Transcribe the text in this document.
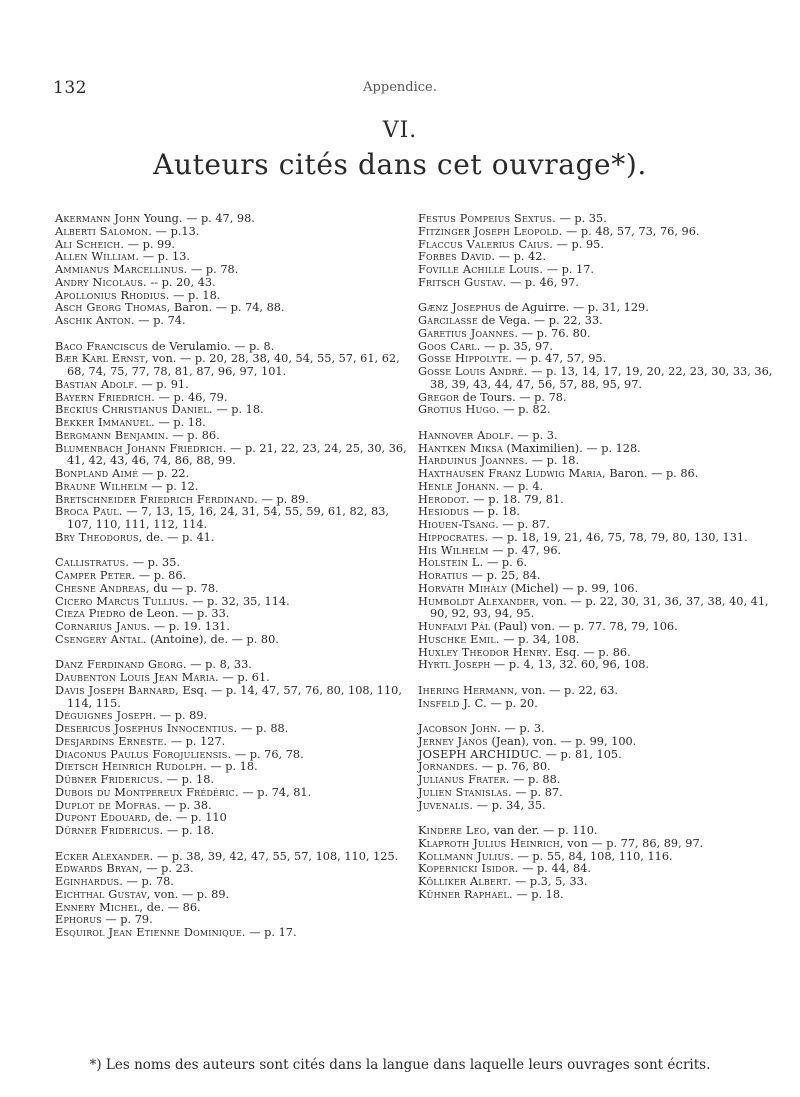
132	Appendice.
VI.
Auteurs cités dans cet ouvrage*).

Akermann John Young. — p. 47, 98.

Alberti Salomon. — p.13.

Ali Scheich. — p. 99.

Allen William. — p. 13.

Ammianus Marcellinus. — p. 78.

Andry Nicolaus. -- p. 20, 43.

Apollonius Rhodius. — p. 18.

Asch Georg Thomas, Baron. — p. 74, 88.

Aschik Anton. — p. 74.

Baco Franciscus de Verulamio. — p. 8.

Bær Karl Ernst, von. — p. 20, 28, 38, 40, 54, 55, 57, 61, 62, 68, 74, 75, 77, 78, 81, 87, 96, 97, 101.

Bastian Adolf. — p. 91.

Bayern Friedrich. — p. 46, 79.

Beckius Christianus Daniel. — p. 18.

Bekker Immanuel. — p. 18.

Bergmann Benjamin. — p. 86.

Blumenbach Johann Friedrich. — p. 21, 22, 23, 24, 25, 30, 36, 41, 42, 43, 46, 74, 86, 88, 99.

Bonpland Aimé — p. 22.

Braune Wilhelm — p. 12.

Bretschneider Friedrich Ferdinand. — p. 89.

Broca Paul. — 7, 13, 15, 16, 24, 31, 54, 55, 59, 61, 82, 83, 107, 110, 111, 112, 114.

Bry Theodorus, de. — p. 41.

Callistratus. — p. 35.

Camper Peter. — p. 86.

Chesne Andreas, du — p. 78.

Cicero Marcus Tullius. — p. 32, 35, 114.

Cieza Piedro de Leon. — p. 33.

Cornarius Janus. — p. 19. 131.

Csengery Antal. (Antoine), de. — p. 80.

Danz Ferdinand Georg. — p. 8, 33.

Daubenton Louis Jean Maria. — p. 61.

Davis Joseph Barnard, Esq. — p. 14, 47, 57, 76, 80, 108, 110, 114, 115.

Déguignes Joseph. — p. 89.

Desericus Josephus Innocentius. — p. 88.

Desjardins Erneste. — p. 127.

Diaconus Paulus Forojuliensis. — p. 76, 78.

Dietsch Heinrich Rudolph. — p. 18.

Dübner Fridericus. — p. 18.

Dubois du Montpereux Frédéric. — p. 74, 81.

Duplot de Mofras. — p. 38.

Dupont Edouard, de. — p. 110

Dürner Fridericus. — p. 18.

Ecker Alexander. — p. 38, 39, 42, 47, 55, 57, 108, 110, 125.

Edwards Bryan, — p. 23.

Eginhardus. — p. 78.

Eichthal Gustav, von. — p. 89.

Ennery Michel, de. — 86.

Ephorus — p. 79.

Esquirol Jean Etienne Dominique. — p. 17.

Festus Pompeius Sextus. — p. 35.

Fitzinger Joseph Leopold. — p. 48, 57, 73, 76, 96.

Flaccus Valerius Caius. — p. 95.

Forbes David. — p. 42.

Foville Achille Louis. — p. 17.

Fritsch Gustav. — p. 46, 97.

Gænz Josephus de Aguirre. — p. 31, 129.

Garcilasse de Vega. — p. 22, 33.

Garetius Joannes. — p. 76. 80.

Goos Carl. — p. 35, 97.

Gosse Hippolyte. — p. 47, 57, 95.

Gosse Louis André. — p. 13, 14, 17, 19, 20, 22, 23, 30, 33, 36, 38, 39, 43, 44, 47, 56, 57, 88, 95, 97.

Gregor de Tours. — p. 78.

Grotius Hugo. — p. 82.

Hannover Adolf. — p. 3.

Hantken Miksa (Maximilien). — p. 128.

Harduinus Joannes. — p. 18.

Haxthausen Franz Ludwig Maria, Baron. — p. 86.

Henle Johann. — p. 4.

Herodot. — p. 18. 79, 81.

Hesiodus — p. 18.

Hiouen-Tsang. — p. 87.

Hippocrates. — p. 18, 19, 21, 46, 75, 78, 79, 80, 130, 131.

His Wilhelm — p. 47, 96.

Holstein L. — p. 6.

Horatius — p. 25, 84.

Horváth Mihály (Michel) — p. 99, 106.

Humboldt Alexander, von. — p. 22, 30, 31, 36, 37, 38, 40, 41, 90, 92, 93, 94, 95.

Hunfalvi Pál (Paul) von. — p. 77. 78, 79, 106.

Huschke Emil. — p. 34, 108.

Huxley Theodor Henry. Esq. — p. 86.

Hyrtl Joseph — p. 4, 13, 32. 60, 96, 108.

Ihering Hermann, von. — p. 22, 63.

Insfeld J. C. — p. 20.

Jacobson John. — p. 3.

Jerney János (Jean), von. — p. 99, 100.

JOSEPH ARCHIDUC. — p. 81, 105.

Jornandes. — p. 76, 80.

Julianus Frater. — p. 88.

Julien Stanislas. — p. 87.

Juvenalis. — p. 34, 35.

Kindere Leo, van der. — p. 110.

Klaproth Julius Heinrich, von — p. 77, 86, 89, 97.

Kollmann Julius. — p. 55, 84, 108, 110, 116.

Kopernicki Isidor. — p. 44, 84.

Kölliker Albert. — p.3, 5, 33.

Kühner Raphael. — p. 18.

*) Les noms des auteurs sont cités dans la langue dans laquelle leurs ouvrages sont écrits.
